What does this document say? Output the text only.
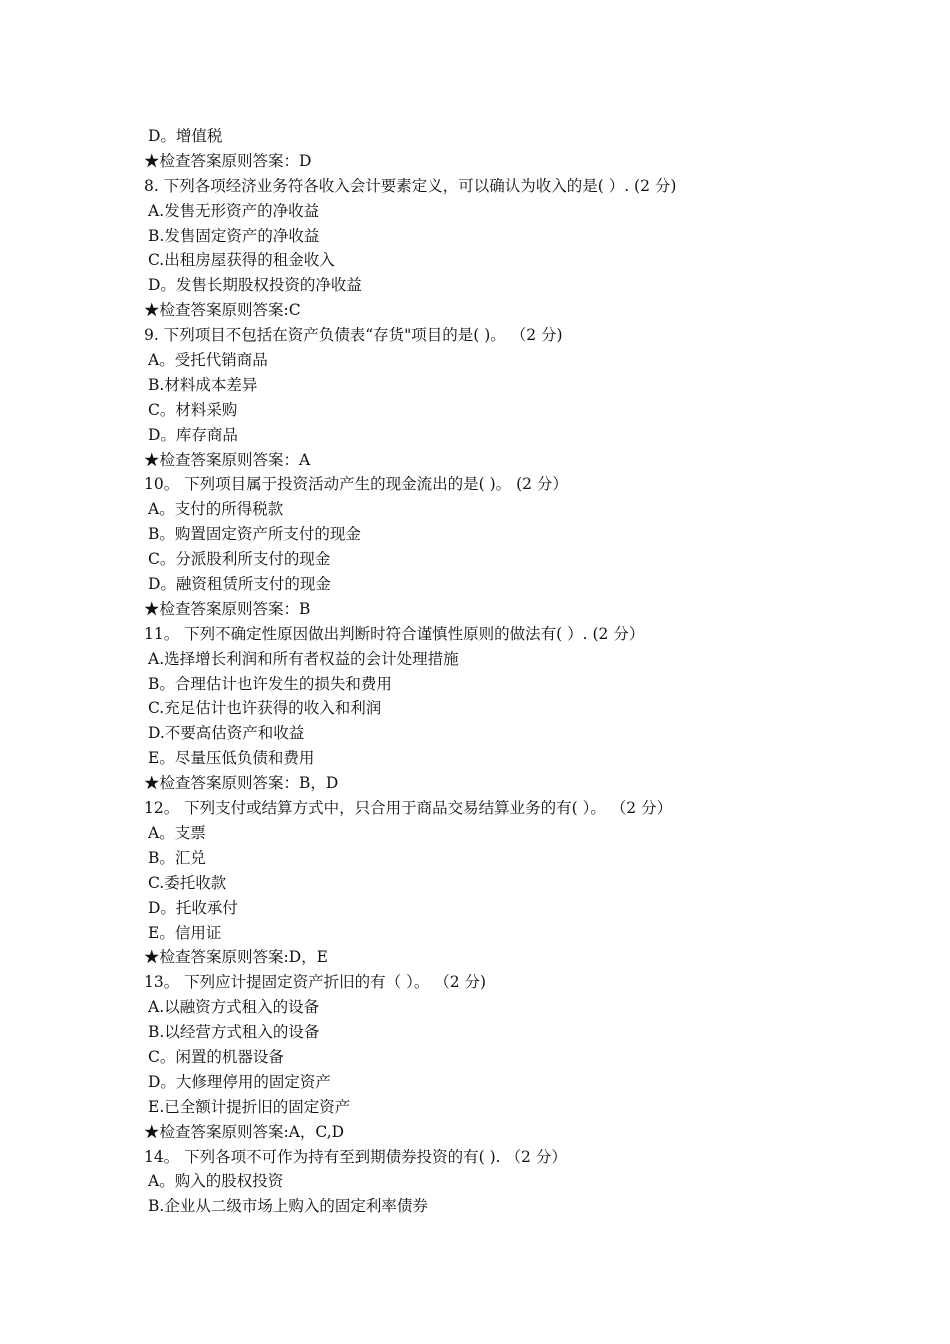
D。增值税
★检查答案原则答案：D
8. 下列各项经济业务符各收入会计要素定义，可以确认为收入的是( ）. (2 分)
A.发售无形资产的净收益
B.发售固定资产的净收益
C.出租房屋获得的租金收入
D。发售长期股权投资的净收益
★检查答案原则答案:C
9. 下列项目不包括在资产负债表“存货"项目的是( )。 （2 分)
A。受托代销商品
B.材料成本差异
C。材料采购
D。库存商品
★检查答案原则答案：A
10。 下列项目属于投资活动产生的现金流出的是( )。 (2 分）
A。支付的所得税款
B。购置固定资产所支付的现金
C。分派股利所支付的现金
D。融资租赁所支付的现金
★检查答案原则答案：B
11。 下列不确定性原因做出判断时符合谨慎性原则的做法有( ）. (2 分）
A.选择增长利润和所有者权益的会计处理措施
B。合理估计也许发生的损失和费用
C.充足估计也许获得的收入和利润
D.不要高估资产和收益
E。尽量压低负债和费用
★检查答案原则答案：B，D
12。 下列支付或结算方式中，只合用于商品交易结算业务的有( ）。 （2 分）
A。支票
B。汇兑
C.委托收款
D。托收承付
E。信用证
★检查答案原则答案:D，E
13。 下列应计提固定资产折旧的有（ ）。 （2 分)
A.以融资方式租入的设备
B.以经营方式租入的设备
C。闲置的机器设备
D。大修理停用的固定资产
E.已全额计提折旧的固定资产
★检查答案原则答案:A，C,D
14。 下列各项不可作为持有至到期债券投资的有( ). （2 分）
A。购入的股权投资
B.企业从二级市场上购入的固定利率债券
